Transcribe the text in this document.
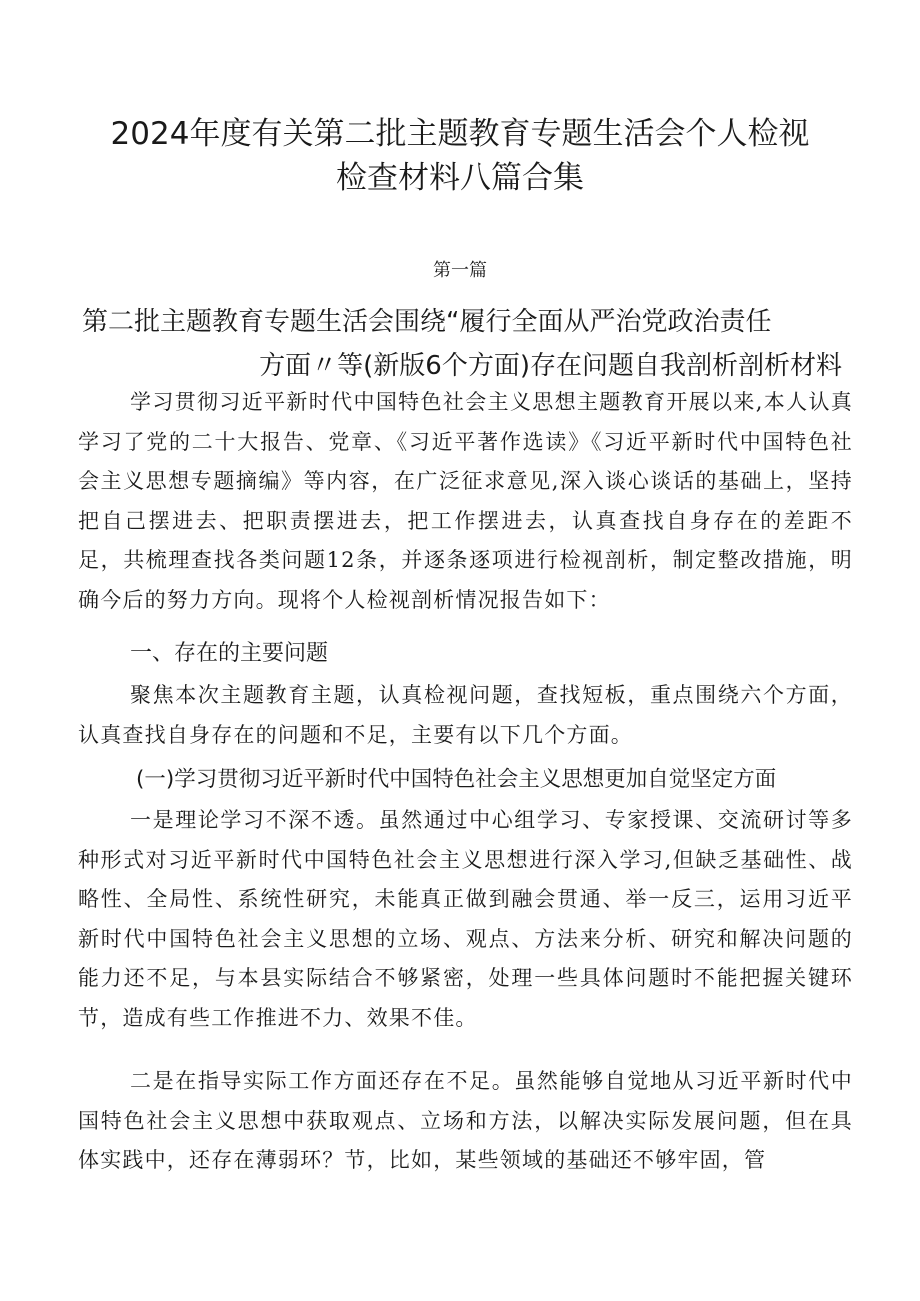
2024年度有关第二批主题教育专题生活会个人检视检查材料八篇合集

第一篇

第二批主题教育专题生活会围绕“履行全面从严治党政治责任
方面〃等(新版6个方面)存在问题自我剖析剖析材料

学习贯彻习近平新时代中国特色社会主义思想主题教育开展以来,本人认真学习了党的二十大报告、党章、《习近平著作选读》《习近平新时代中国特色社会主义思想专题摘编》等内容，在广泛征求意见,深入谈心谈话的基础上，坚持把自己摆进去、把职责摆进去，把工作摆进去，认真查找自身存在的差距不足，共梳理查找各类问题12条，并逐条逐项进行检视剖析，制定整改措施，明确今后的努力方向。现将个人检视剖析情况报告如下：

一、存在的主要问题

聚焦本次主题教育主题，认真检视问题，查找短板，重点围绕六个方面，认真查找自身存在的问题和不足，主要有以下几个方面。

(一)学习贯彻习近平新时代中国特色社会主义思想更加自觉坚定方面

一是理论学习不深不透。虽然通过中心组学习、专家授课、交流研讨等多种形式对习近平新时代中国特色社会主义思想进行深入学习,但缺乏基础性、战略性、全局性、系统性研究，未能真正做到融会贯通、举一反三，运用习近平新时代中国特色社会主义思想的立场、观点、方法来分析、研究和解决问题的能力还不足，与本县实际结合不够紧密，处理一些具体问题时不能把握关键环节，造成有些工作推进不力、效果不佳。

二是在指导实际工作方面还存在不足。虽然能够自觉地从习近平新时代中国特色社会主义思想中获取观点、立场和方法，以解决实际发展问题，但在具体实践中，还存在薄弱环？节，比如，某些领域的基础还不够牢固，管
